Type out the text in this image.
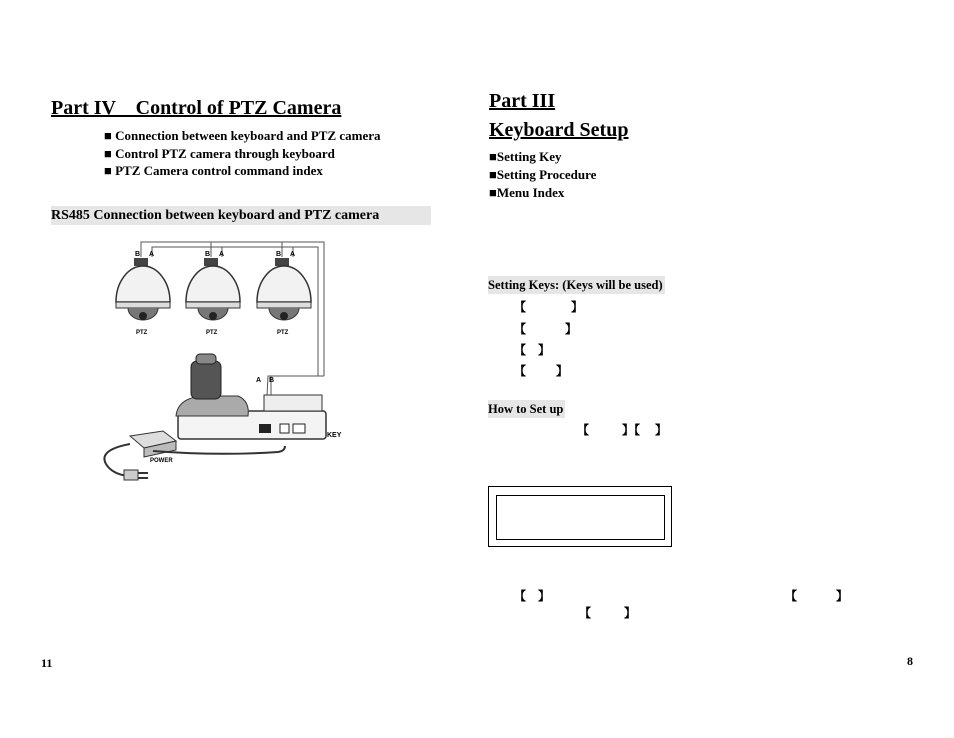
Part IV    Control of PTZ Camera
■ Connection between keyboard and PTZ camera
■ Control PTZ camera through keyboard
■ PTZ Camera control command index
RS485 Connection between keyboard and PTZ camera
B A	B A	B A
PTZ	PTZ	PTZ
A B
KEY
POWER
11
Part III
Keyboard Setup
■Setting Key
■Setting Procedure
■Menu Index
Setting Keys: (Keys will be used)
【               】
【             】
【    】
【          】
How to Set up
【           】【     】
【    】	【             】
【           】
8
